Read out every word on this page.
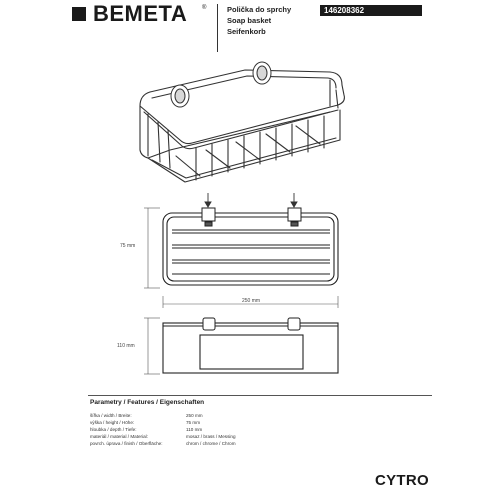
BEMETA ®	Polička do sprchy
Soap basket
Seifenkorb
146208362
75 mm
250 mm
110 mm
Parametry / Features / Eigenschaften
šířka / width / Breite:	250 mm
výška / height / Höhe:	75 mm
hloubka / depth / Tiefe:	110 mm
materiál / material / Material:	mosaz / brass / Messing
povrch. úprava / finish / Oberfläche:	chrom / chrome / Chrom
CYTRO
